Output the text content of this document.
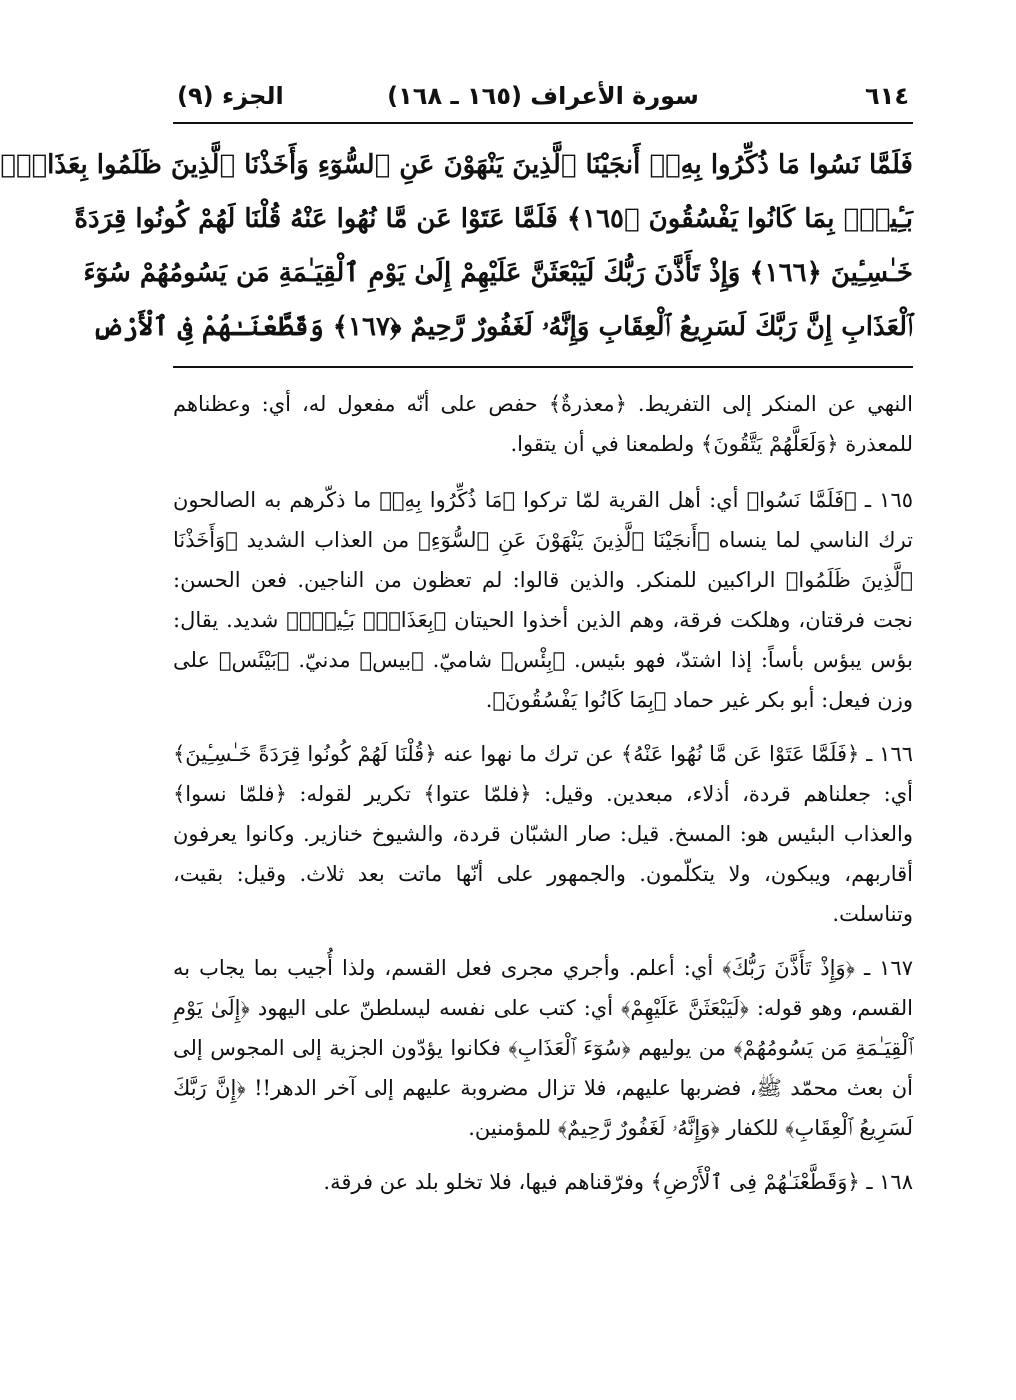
٦١٤
سورة الأعراف (١٦٥ ـ ١٦٨)
الجزء (٩)
فَلَمَّا نَسُوا مَا ذُكِّرُوا بِهِۦٓ أَنجَيْنَا ٱلَّذِينَ يَنْهَوْنَ عَنِ ٱلسُّوٓءِ وَأَخَذْنَا ٱلَّذِينَ ظَلَمُوا بِعَذَابٍۭ
بَـِٔيسٍۭ بِمَا كَانُوا يَفْسُقُونَ ﴿١٦٥﴾ فَلَمَّا عَتَوْا عَن مَّا نُهُوا عَنْهُ قُلْنَا لَهُمْ كُونُوا قِرَدَةً
خَـٰسِـِٔينَ ﴿١٦٦﴾ وَإِذْ تَأَذَّنَ رَبُّكَ لَيَبْعَثَنَّ عَلَيْهِمْ إِلَىٰ يَوْمِ ٱلْقِيَـٰمَةِ مَن يَسُومُهُمْ سُوٓءَ
ٱلْعَذَابِ إِنَّ رَبَّكَ لَسَرِيعُ ٱلْعِقَابِ وَإِنَّهُۥ لَغَفُورٌ رَّحِيمٌ ﴿١٦٧﴾ وَقَطَّعْنَـٰهُمْ فِى ٱلْأَرْضِ

النهي عن المنكر إلى التفريط. ﴿معذرةٌ﴾ حفص على أنّه مفعول له، أي: وعظناهم للمعذرة ﴿وَلَعَلَّهُمْ يَتَّقُونَ﴾ ولطمعنا في أن يتقوا.

١٦٥ ـ ﴿فَلَمَّا نَسُوا﴾ أي: أهل القرية لمّا تركوا ﴿مَا ذُكِّرُوا بِهِۦ﴾ ما ذكّرهم به الصالحون ترك الناسي لما ينساه ﴿أَنجَيْنَا ٱلَّذِينَ يَنْهَوْنَ عَنِ ٱلسُّوٓءِ﴾ من العذاب الشديد ﴿وَأَخَذْنَا ٱلَّذِينَ ظَلَمُوا﴾ الراكبين للمنكر. والذين قالوا: لم تعظون من الناجين. فعن الحسن: نجت فرقتان، وهلكت فرقة، وهم الذين أخذوا الحيتان ﴿بِعَذَابٍۭ بَـِٔيسٍۭ﴾ شديد. يقال: بؤس يبؤس بأساً: إذا اشتدّ، فهو بئيس. ﴿بِئْس﴾ شاميّ. ﴿بيس﴾ مدنيّ. ﴿بَيْئَس﴾ على وزن فيعل: أبو بكر غير حماد ﴿بِمَا كَانُوا يَفْسُقُونَ﴾.

١٦٦ ـ ﴿فَلَمَّا عَتَوْا عَن مَّا نُهُوا عَنْهُ﴾ عن ترك ما نهوا عنه ﴿قُلْنَا لَهُمْ كُونُوا قِرَدَةً خَـٰسِـِٔينَ﴾ أي: جعلناهم قردة، أذلاء، مبعدين. وقيل: ﴿فلمّا عتوا﴾ تكرير لقوله: ﴿فلمّا نسوا﴾ والعذاب البئيس هو: المسخ. قيل: صار الشبّان قردة، والشيوخ خنازير. وكانوا يعرفون أقاربهم، ويبكون، ولا يتكلّمون. والجمهور على أنّها ماتت بعد ثلاث. وقيل: بقيت، وتناسلت.

١٦٧ ـ ﴿وَإِذْ تَأَذَّنَ رَبُّكَ﴾ أي: أعلم. وأجري مجرى فعل القسم، ولذا أُجيب بما يجاب به القسم، وهو قوله: ﴿لَيَبْعَثَنَّ عَلَيْهِمْ﴾ أي: كتب على نفسه ليسلطنّ على اليهود ﴿إِلَىٰ يَوْمِ ٱلْقِيَـٰمَةِ مَن يَسُومُهُمْ﴾ من يوليهم ﴿سُوٓءَ ٱلْعَذَابِ﴾ فكانوا يؤدّون الجزية إلى المجوس إلى أن بعث محمّد ﷺ، فضربها عليهم، فلا تزال مضروبة عليهم إلى آخر الدهر!! ﴿إِنَّ رَبَّكَ لَسَرِيعُ ٱلْعِقَابِ﴾ للكفار ﴿وَإِنَّهُۥ لَغَفُورٌ رَّحِيمٌ﴾ للمؤمنين.

١٦٨ ـ ﴿وَقَطَّعْنَـٰهُمْ فِى ٱلْأَرْضِ﴾ وفرّقناهم فيها، فلا تخلو بلد عن فرقة.
